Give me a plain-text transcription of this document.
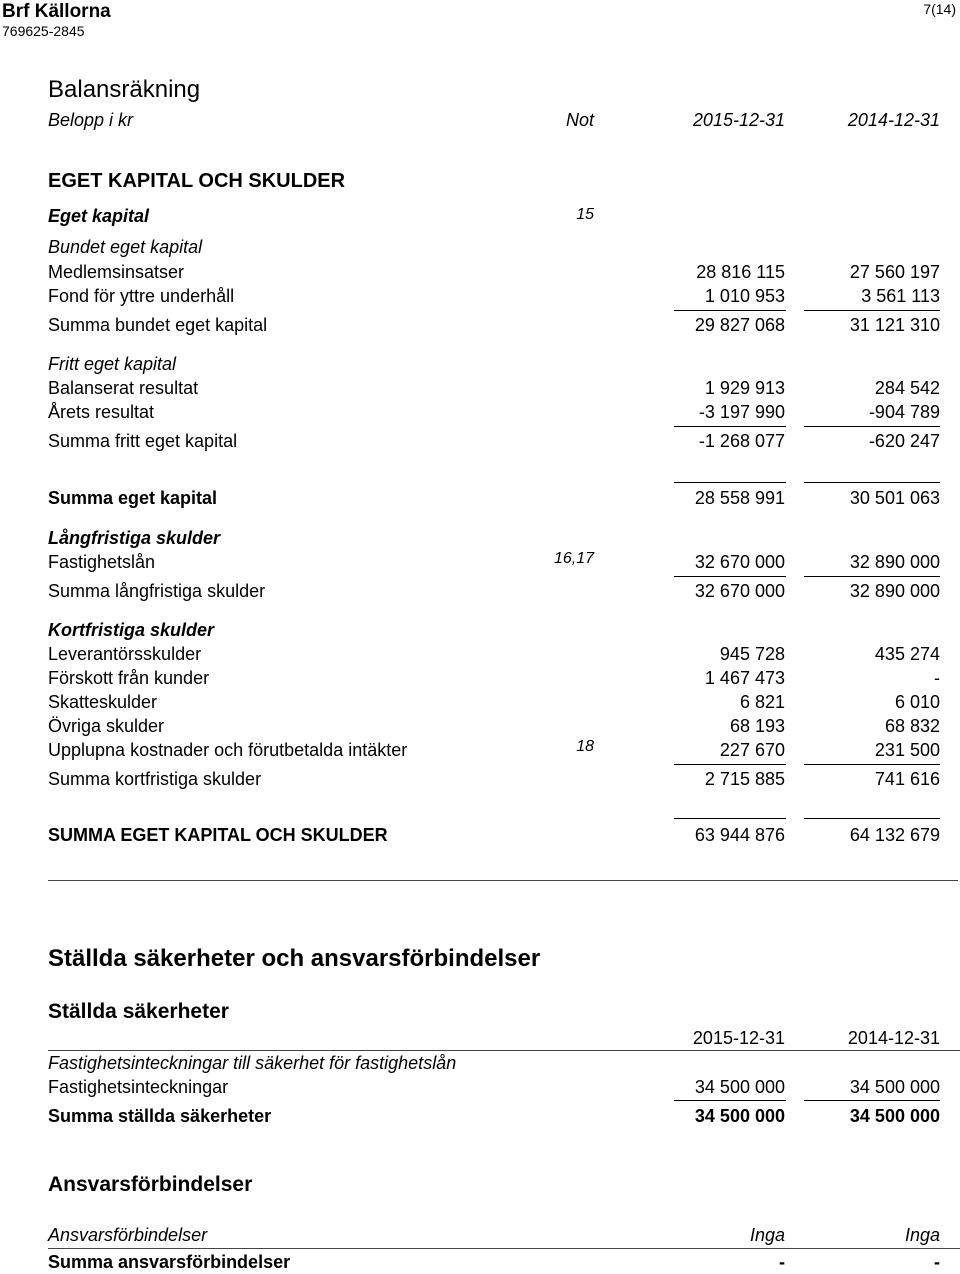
Brf Källorna
769625-2845
7(14)
Balansräkning
Belopp i kr	Not	2015-12-31	2014-12-31
EGET KAPITAL OCH SKULDER
Eget kapital	15
Bundet eget kapital
Medlemsinsatser	28 816 115	27 560 197
Fond för yttre underhåll	1 010 953	3 561 113
Summa bundet eget kapital	29 827 068	31 121 310
Fritt eget kapital
Balanserat resultat	1 929 913	284 542
Årets resultat	-3 197 990	-904 789
Summa fritt eget kapital	-1 268 077	-620 247
Summa eget kapital	28 558 991	30 501 063
Långfristiga skulder
Fastighetslån	16,17	32 670 000	32 890 000
Summa långfristiga skulder	32 670 000	32 890 000
Kortfristiga skulder
Leverantörsskulder	945 728	435 274
Förskott från kunder	1 467 473	-
Skatteskulder	6 821	6 010
Övriga skulder	68 193	68 832
Upplupna kostnader och förutbetalda intäkter	18	227 670	231 500
Summa kortfristiga skulder	2 715 885	741 616
SUMMA EGET KAPITAL OCH SKULDER	63 944 876	64 132 679
Ställda säkerheter och ansvarsförbindelser
Ställda säkerheter
2015-12-31	2014-12-31
Fastighetsinteckningar till säkerhet för fastighetslån
Fastighetsinteckningar	34 500 000	34 500 000
Summa ställda säkerheter	34 500 000	34 500 000
Ansvarsförbindelser
Ansvarsförbindelser	Inga	Inga
Summa ansvarsförbindelser	-	-
